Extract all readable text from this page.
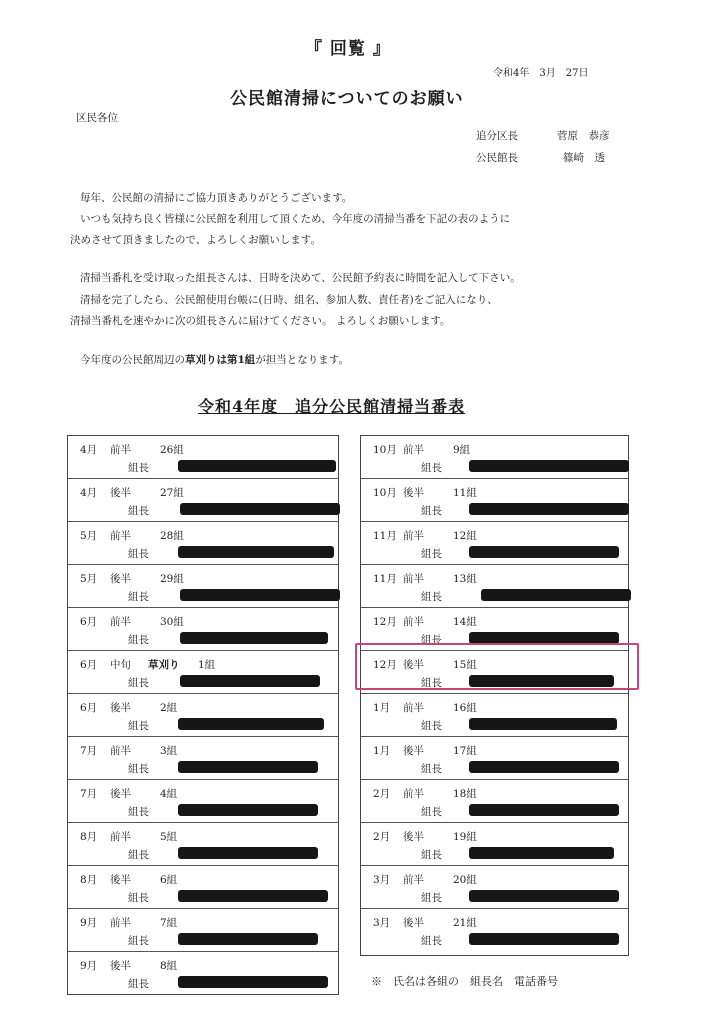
『 回覧 』
令和4年　3月　27日
公民館清掃についてのお願い
区民各位
追分区長	菅原　恭彦
公民館長	篠崎　透
毎年、公民館の清掃にご協力頂きありがとうございます。
いつも気持ち良く皆様に公民館を利用して頂くため、今年度の清掃当番を下記の表のように
決めさせて頂きましたので、よろしくお願いします。
清掃当番札を受け取った組長さんは、日時を決めて、公民館予約表に時間を記入して下さい。
清掃を完了したら、公民館使用台帳に(日時、組名、参加人数、責任者)をご記入になり、
清掃当番札を速やかに次の組長さんに届けてください。 よろしくお願いします。
今年度の公民館周辺の草刈りは第1組が担当となります。
令和4年度　追分公民館清掃当番表
4月 前半	26組
組長
4月 後半	27組
組長
5月 前半	28組
組長
5月 後半	29組
組長
6月 前半	30組
組長
6月 中旬 草刈り 1組
組長
6月 後半	2組
組長
7月 前半	3組
組長
7月 後半	4組
組長
8月 前半	5組
組長
8月 後半	6組
組長
9月 前半	7組
組長
9月 後半	8組
組長
10月 前半	9組
組長
10月 後半	11組
組長
11月 前半	12組
組長
11月 前半	13組
組長
12月 前半	14組
組長
12月 後半	15組
組長
1月 前半	16組
組長
1月 後半	17組
組長
2月 前半	18組
組長
2月 後半	19組
組長
3月 前半	20組
組長
3月 後半	21組
組長
※　氏名は各組の　組長名　電話番号
